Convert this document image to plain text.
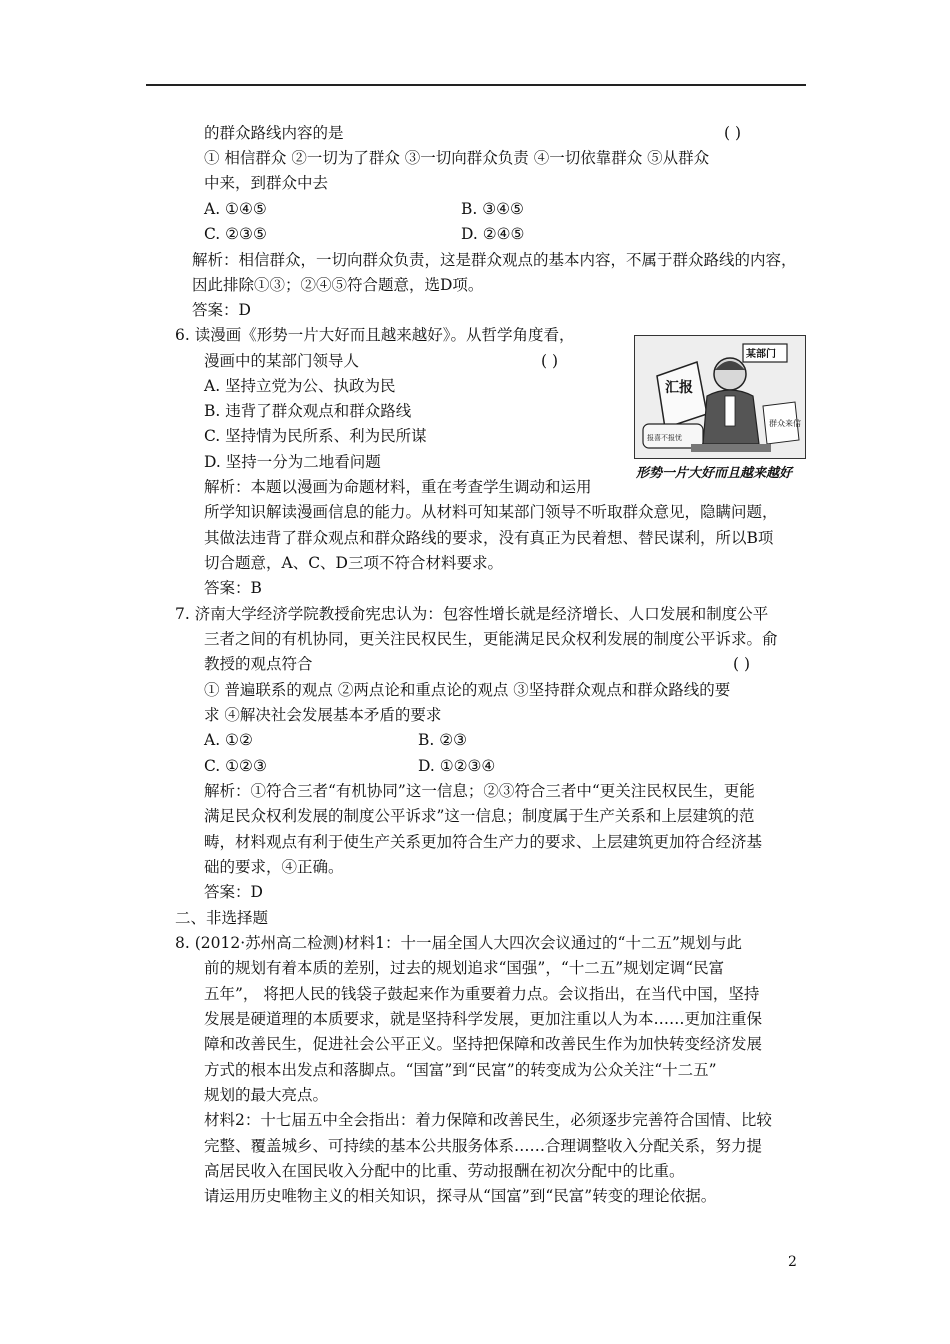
的群众路线内容的是	( )
① 相信群众 ②一切为了群众 ③一切向群众负责 ④一切依靠群众 ⑤从群众
中来，到群众中去
A. ①④⑤	B. ③④⑤
C. ②③⑤	D. ②④⑤
解析：相信群众，一切向群众负责，这是群众观点的基本内容，不属于群众路线的内容，
因此排除①③；②④⑤符合题意，选D项。
答案：D
6. 读漫画《形势一片大好而且越来越好》。从哲学角度看，
漫画中的某部门领导人	( )
A. 坚持立党为公、执政为民
B. 违背了群众观点和群众路线
C. 坚持情为民所系、利为民所谋
D. 坚持一分为二地看问题
解析：本题以漫画为命题材料，重在考查学生调动和运用
所学知识解读漫画信息的能力。从材料可知某部门领导不听取群众意见，隐瞒问题，
其做法违背了群众观点和群众路线的要求，没有真正为民着想、替民谋利，所以B项
切合题意，A、C、D三项不符合材料要求。
答案：B
汇报
报喜不报忧
某部门
群众来信
形势一片大好而且越来越好
7. 济南大学经济学院教授俞宪忠认为：包容性增长就是经济增长、人口发展和制度公平
三者之间的有机协同，更关注民权民生，更能满足民众权利发展的制度公平诉求。俞
教授的观点符合	( )
① 普遍联系的观点 ②两点论和重点论的观点 ③坚持群众观点和群众路线的要
求 ④解决社会发展基本矛盾的要求
A. ①②	B. ②③
C. ①②③	D. ①②③④
解析：①符合三者“有机协同”这一信息；②③符合三者中“更关注民权民生，更能
满足民众权利发展的制度公平诉求”这一信息；制度属于生产关系和上层建筑的范
畴，材料观点有利于使生产关系更加符合生产力的要求、上层建筑更加符合经济基
础的要求，④正确。
答案：D
二、非选择题
8. (2012·苏州高二检测)材料1：十一届全国人大四次会议通过的“十二五”规划与此
前的规划有着本质的差别，过去的规划追求“国强”，“十二五”规划定调“民富
五年”， 将把人民的钱袋子鼓起来作为重要着力点。会议指出，在当代中国，坚持
发展是硬道理的本质要求，就是坚持科学发展，更加注重以人为本……更加注重保
障和改善民生，促进社会公平正义。坚持把保障和改善民生作为加快转变经济发展
方式的根本出发点和落脚点。“国富”到“民富”的转变成为公众关注“十二五”
规划的最大亮点。
材料2：十七届五中全会指出：着力保障和改善民生，必须逐步完善符合国情、比较
完整、覆盖城乡、可持续的基本公共服务体系……合理调整收入分配关系，努力提
高居民收入在国民收入分配中的比重、劳动报酬在初次分配中的比重。
请运用历史唯物主义的相关知识，探寻从“国富”到“民富”转变的理论依据。
2
